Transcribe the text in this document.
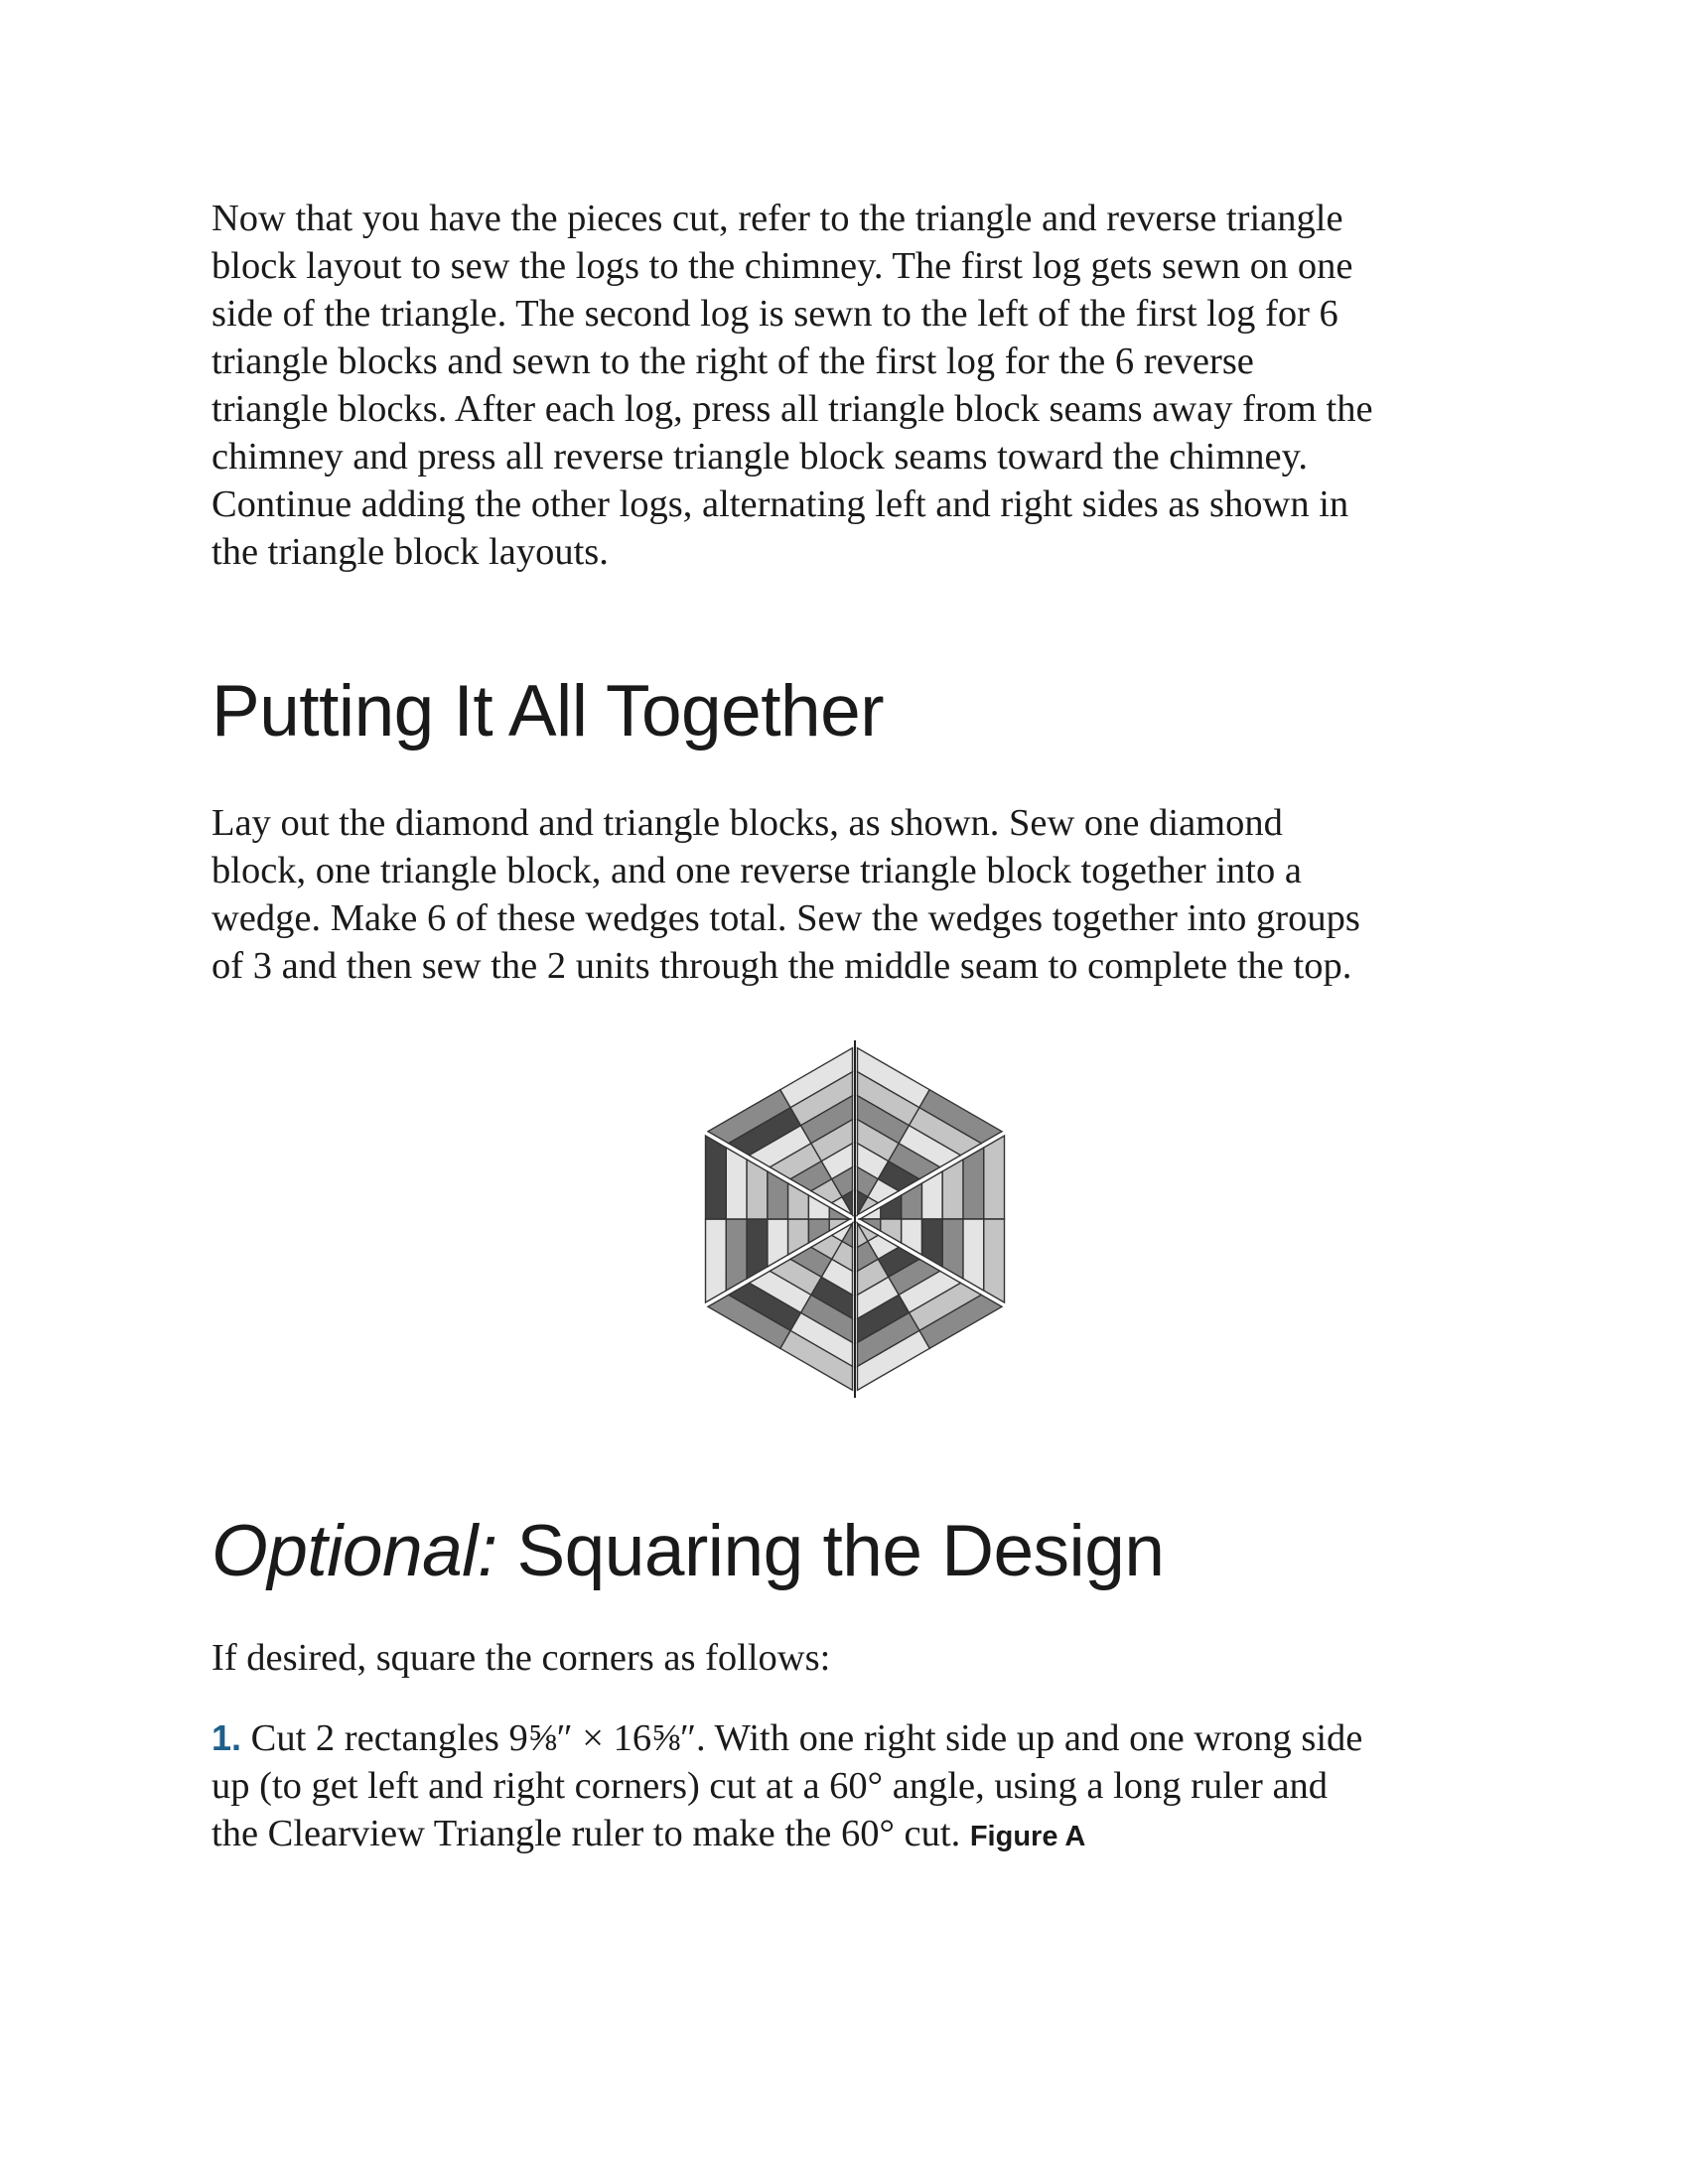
Now that you have the pieces cut, refer to the triangle and reverse triangle
block layout to sew the logs to the chimney. The first log gets sewn on one
side of the triangle. The second log is sewn to the left of the first log for 6
triangle blocks and sewn to the right of the first log for the 6 reverse
triangle blocks. After each log, press all triangle block seams away from the
chimney and press all reverse triangle block seams toward the chimney.
Continue adding the other logs, alternating left and right sides as shown in
the triangle block layouts.

Putting It All Together

Lay out the diamond and triangle blocks, as shown. Sew one diamond
block, one triangle block, and one reverse triangle block together into a
wedge. Make 6 of these wedges total. Sew the wedges together into groups
of 3 and then sew the 2 units through the middle seam to complete the top.

Optional: Squaring the Design

If desired, square the corners as follows:

1. Cut 2 rectangles 9⅝″ × 16⅝″. With one right side up and one wrong side
up (to get left and right corners) cut at a 60° angle, using a long ruler and
the Clearview Triangle ruler to make the 60° cut. Figure A
